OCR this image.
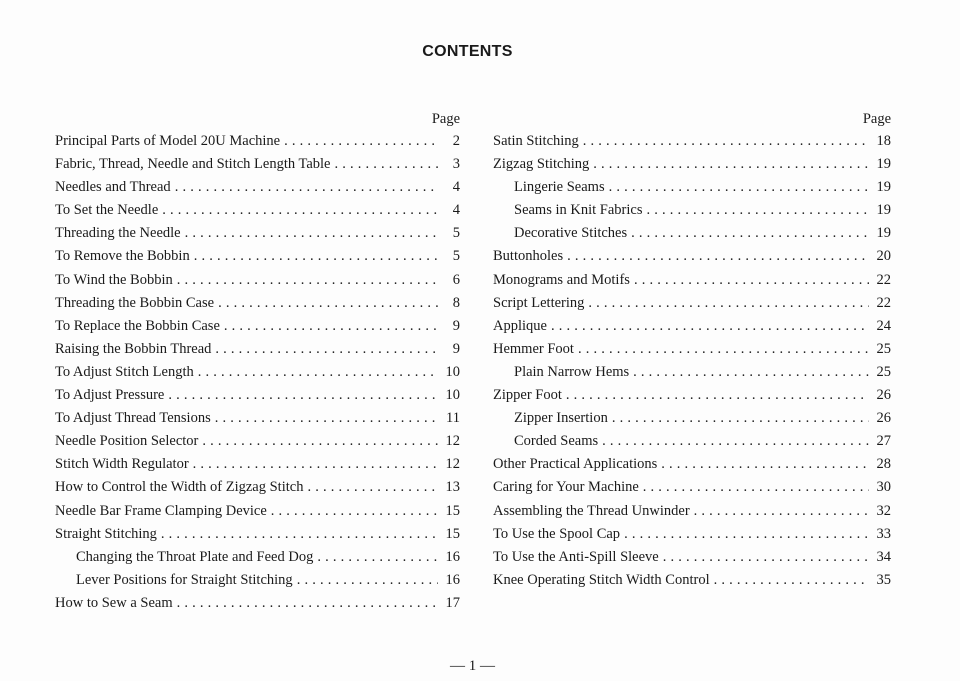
CONTENTS
Page
Principal Parts of Model 20U Machine . . .	2
Fabric, Thread, Needle and Stitch Length Table . . .	3
Needles and Thread . . .	4
To Set the Needle . . .	4
Threading the Needle . . .	5
To Remove the Bobbin . . .	5
To Wind the Bobbin . . .	6
Threading the Bobbin Case . . .	8
To Replace the Bobbin Case . . .	9
Raising the Bobbin Thread . . .	9
To Adjust Stitch Length . . .	10
To Adjust Pressure . . .	10
To Adjust Thread Tensions . . .	11
Needle Position Selector . . .	12
Stitch Width Regulator . . .	12
How to Control the Width of Zigzag Stitch . . .	13
Needle Bar Frame Clamping Device . . .	15
Straight Stitching . . .	15
Changing the Throat Plate and Feed Dog . . .	16
Lever Positions for Straight Stitching . . .	16
How to Sew a Seam . . .	17
Page
Satin Stitching . . .	18
Zigzag Stitching . . .	19
Lingerie Seams . . .	19
Seams in Knit Fabrics . . .	19
Decorative Stitches . . .	19
Buttonholes . . .	20
Monograms and Motifs . . .	22
Script Lettering . . .	22
Applique . . .	24
Hemmer Foot . . .	25
Plain Narrow Hems . . .	25
Zipper Foot . . .	26
Zipper Insertion . . .	26
Corded Seams . . .	27
Other Practical Applications . . .	28
Caring for Your Machine . . .	30
Assembling the Thread Unwinder . . .	32
To Use the Spool Cap . . .	33
To Use the Anti-Spill Sleeve . . .	34
Knee Operating Stitch Width Control . . .	35
— 1 —
